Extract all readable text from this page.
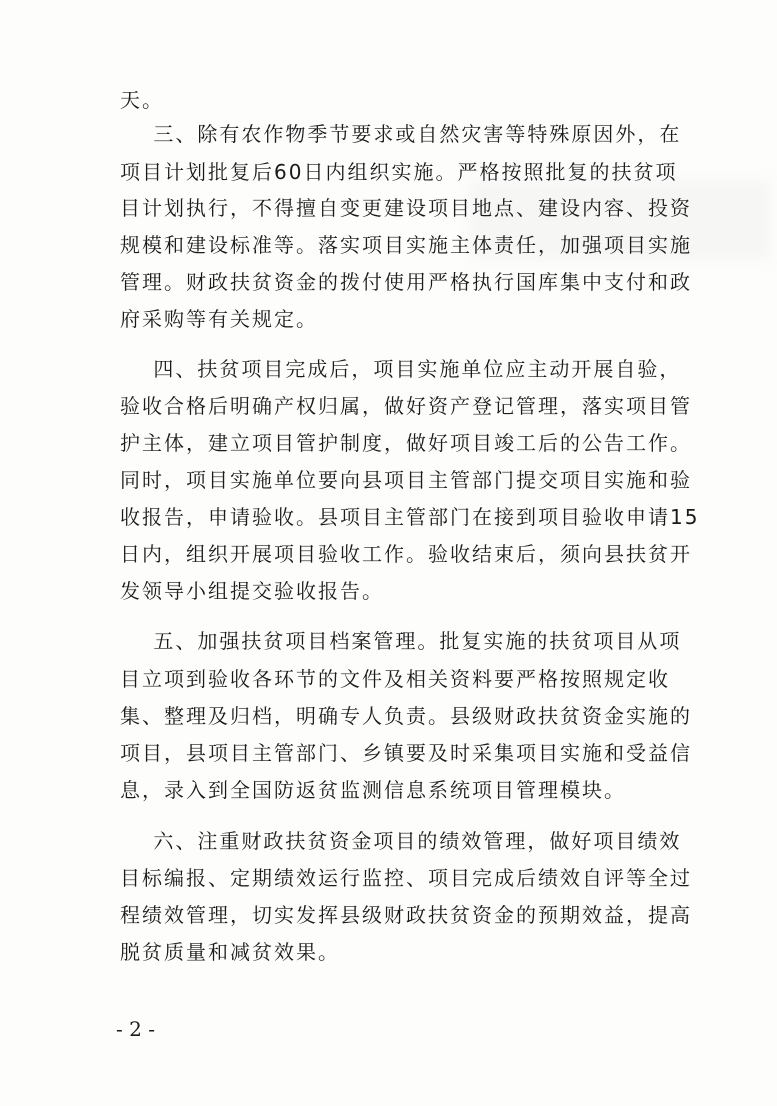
天。
三、除有农作物季节要求或自然灾害等特殊原因外，在
项目计划批复后60日内组织实施。严格按照批复的扶贫项
目计划执行，不得擅自变更建设项目地点、建设内容、投资
规模和建设标准等。落实项目实施主体责任，加强项目实施
管理。财政扶贫资金的拨付使用严格执行国库集中支付和政
府采购等有关规定。
四、扶贫项目完成后，项目实施单位应主动开展自验，
验收合格后明确产权归属，做好资产登记管理，落实项目管
护主体，建立项目管护制度，做好项目竣工后的公告工作。
同时，项目实施单位要向县项目主管部门提交项目实施和验
收报告，申请验收。县项目主管部门在接到项目验收申请15
日内，组织开展项目验收工作。验收结束后，须向县扶贫开
发领导小组提交验收报告。
五、加强扶贫项目档案管理。批复实施的扶贫项目从项
目立项到验收各环节的文件及相关资料要严格按照规定收
集、整理及归档，明确专人负责。县级财政扶贫资金实施的
项目，县项目主管部门、乡镇要及时采集项目实施和受益信
息，录入到全国防返贫监测信息系统项目管理模块。
六、注重财政扶贫资金项目的绩效管理，做好项目绩效
目标编报、定期绩效运行监控、项目完成后绩效自评等全过
程绩效管理，切实发挥县级财政扶贫资金的预期效益，提高
脱贫质量和减贫效果。
- 2 -
